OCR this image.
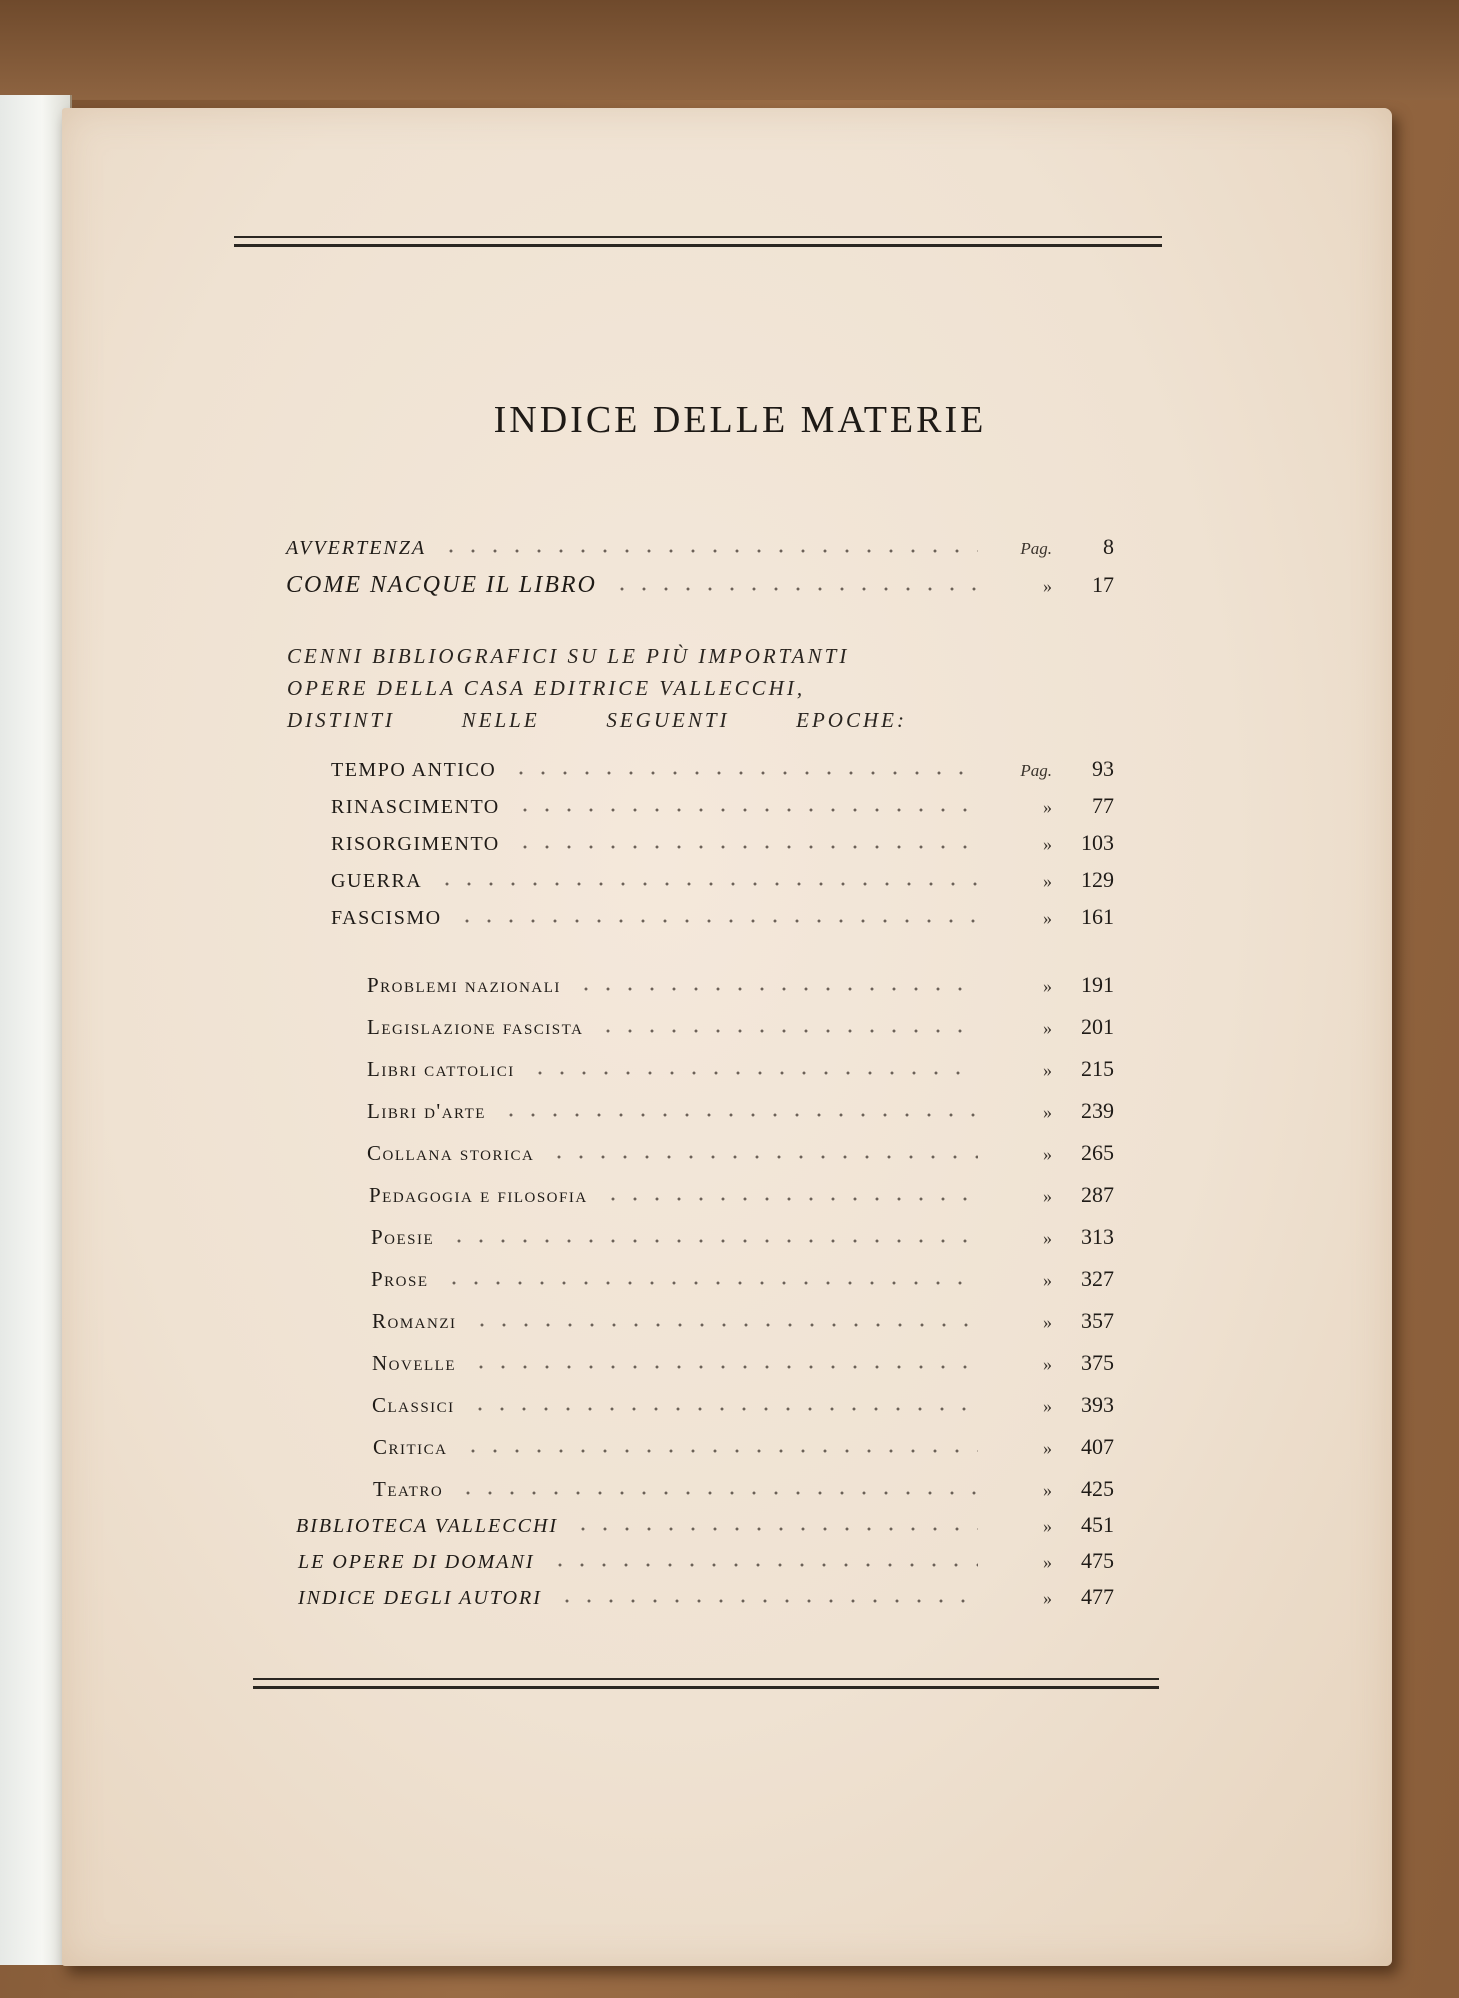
INDICE DELLE MATERIE
AVVERTENZA	Pag.	8
COME NACQUE IL LIBRO	»	17
CENNI BIBLIOGRAFICI SU LE PIÙ IMPORTANTI
OPERE DELLA CASA EDITRICE VALLECCHI,
DISTINTI	NELLE	SEGUENTI	EPOCHE:
TEMPO ANTICO	Pag.	93
RINASCIMENTO	»	77
RISORGIMENTO	»	103
GUERRA	»	129
FASCISMO	»	161
Problemi nazionali	»	191
Legislazione fascista	»	201
Libri cattolici	»	215
Libri d'arte	»	239
Collana storica	»	265
Pedagogia e filosofia	»	287
Poesie	»	313
Prose	»	327
Romanzi	»	357
Novelle	»	375
Classici	»	393
Critica	»	407
Teatro	»	425
BIBLIOTECA VALLECCHI	»	451
LE OPERE DI DOMANI	»	475
INDICE DEGLI AUTORI	»	477
